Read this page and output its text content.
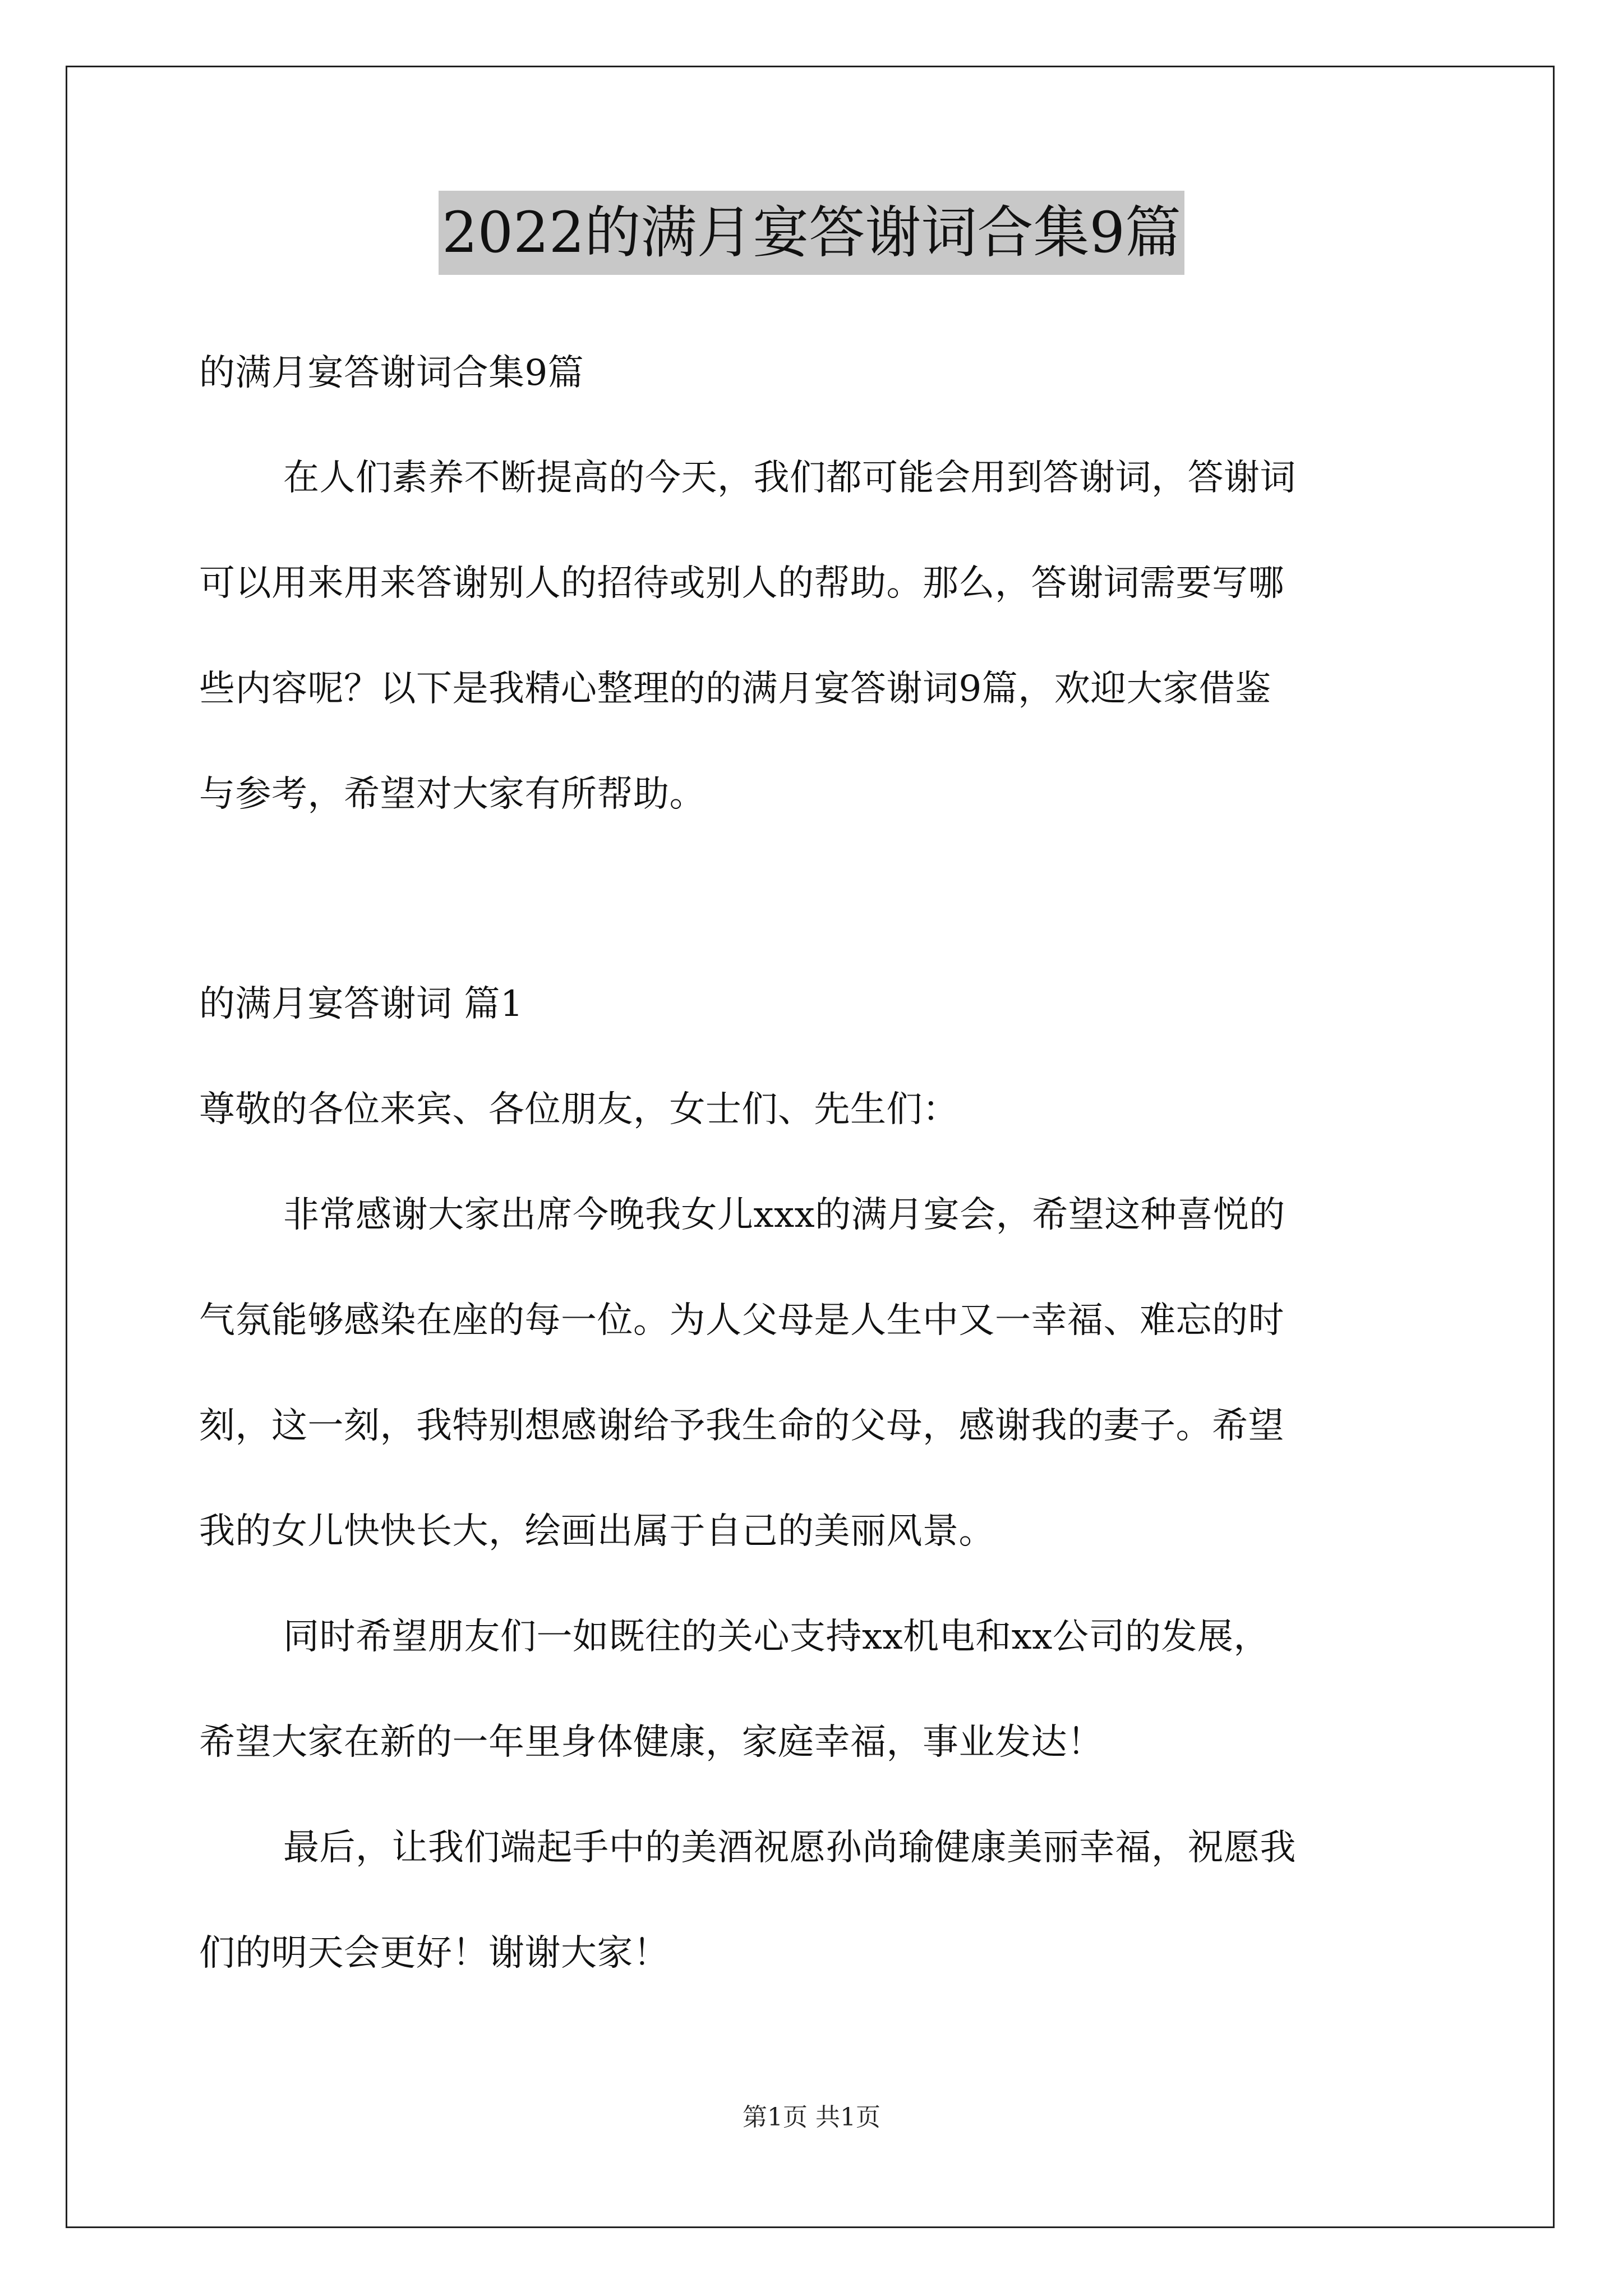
2022的满月宴答谢词合集9篇
的满月宴答谢词合集9篇
在人们素养不断提高的今天，我们都可能会用到答谢词，答谢词
可以用来用来答谢别人的招待或别人的帮助。那么，答谢词需要写哪
些内容呢？以下是我精心整理的的满月宴答谢词9篇，欢迎大家借鉴
与参考，希望对大家有所帮助。
的满月宴答谢词 篇1
尊敬的各位来宾、各位朋友，女士们、先生们：
非常感谢大家出席今晚我女儿xxx的满月宴会，希望这种喜悦的
气氛能够感染在座的每一位。为人父母是人生中又一幸福、难忘的时
刻，这一刻，我特别想感谢给予我生命的父母，感谢我的妻子。希望
我的女儿快快长大，绘画出属于自己的美丽风景。
同时希望朋友们一如既往的关心支持xx机电和xx公司的发展，
希望大家在新的一年里身体健康，家庭幸福，事业发达！
最后，让我们端起手中的美酒祝愿孙尚瑜健康美丽幸福，祝愿我
们的明天会更好！谢谢大家！
第1页 共1页
